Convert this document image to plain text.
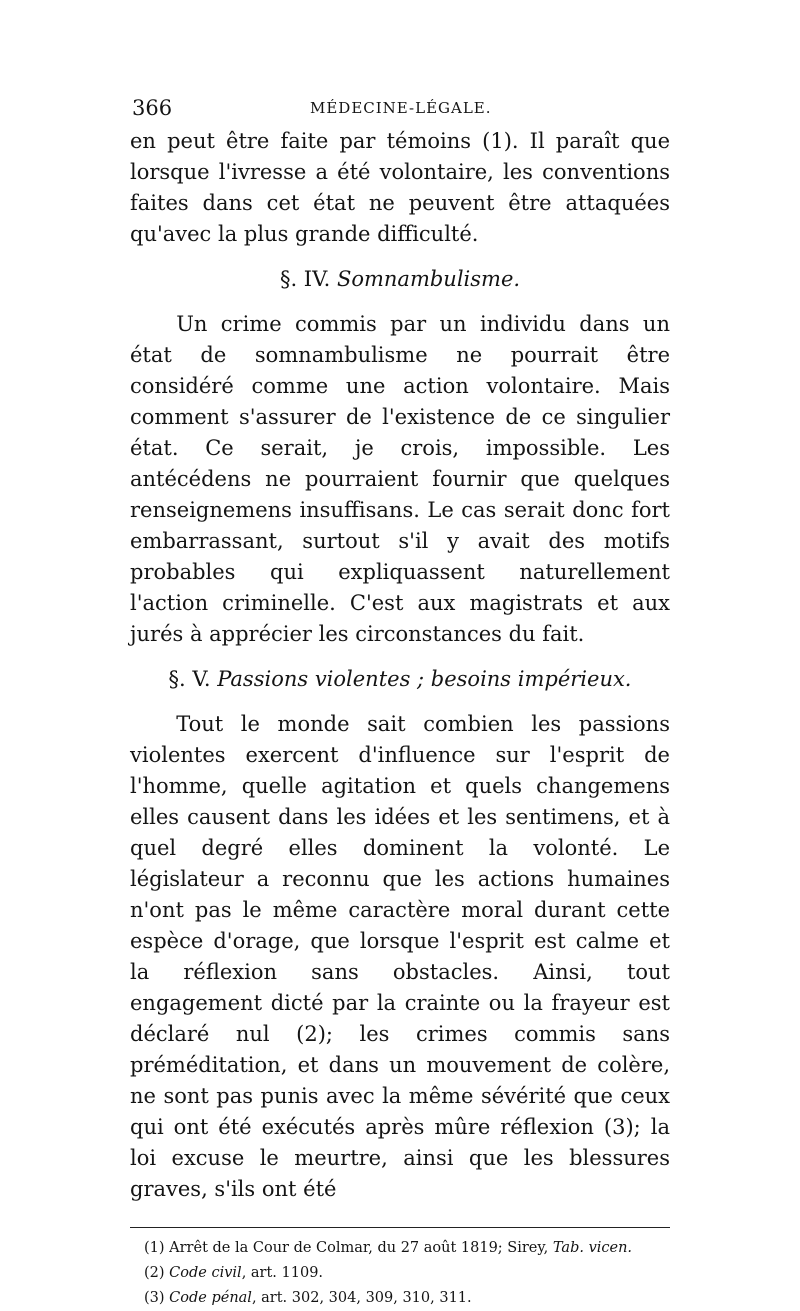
366	MÉDECINE-LÉGALE.

en peut être faite par témoins (1). Il paraît que lorsque l'ivresse a été volontaire, les conventions faites dans cet état ne peuvent être attaquées qu'avec la plus grande difficulté.

§. IV. Somnambulisme.

Un crime commis par un individu dans un état de somnambulisme ne pourrait être considéré comme une action volontaire. Mais comment s'assurer de l'existence de ce singulier état. Ce serait, je crois, impossible. Les antécédens ne pourraient fournir que quelques renseignemens insuffisans. Le cas serait donc fort embarrassant, surtout s'il y avait des motifs probables qui expliquassent naturellement l'action criminelle. C'est aux magistrats et aux jurés à apprécier les circonstances du fait.

§. V. Passions violentes ; besoins impérieux.

Tout le monde sait combien les passions violentes exercent d'influence sur l'esprit de l'homme, quelle agitation et quels changemens elles causent dans les idées et les sentimens, et à quel degré elles dominent la volonté. Le législateur a reconnu que les actions humaines n'ont pas le même caractère moral durant cette espèce d'orage, que lorsque l'esprit est calme et la réflexion sans obstacles. Ainsi, tout engagement dicté par la crainte ou la frayeur est déclaré nul (2); les crimes commis sans préméditation, et dans un mouvement de colère, ne sont pas punis avec la même sévérité que ceux qui ont été exécutés après mûre réflexion (3); la loi excuse le meurtre, ainsi que les blessures graves, s'ils ont été

(1) Arrêt de la Cour de Colmar, du 27 août 1819; Sirey, Tab. vicen.
(2) Code civil, art. 1109.
(3) Code pénal, art. 302, 304, 309, 310, 311.
